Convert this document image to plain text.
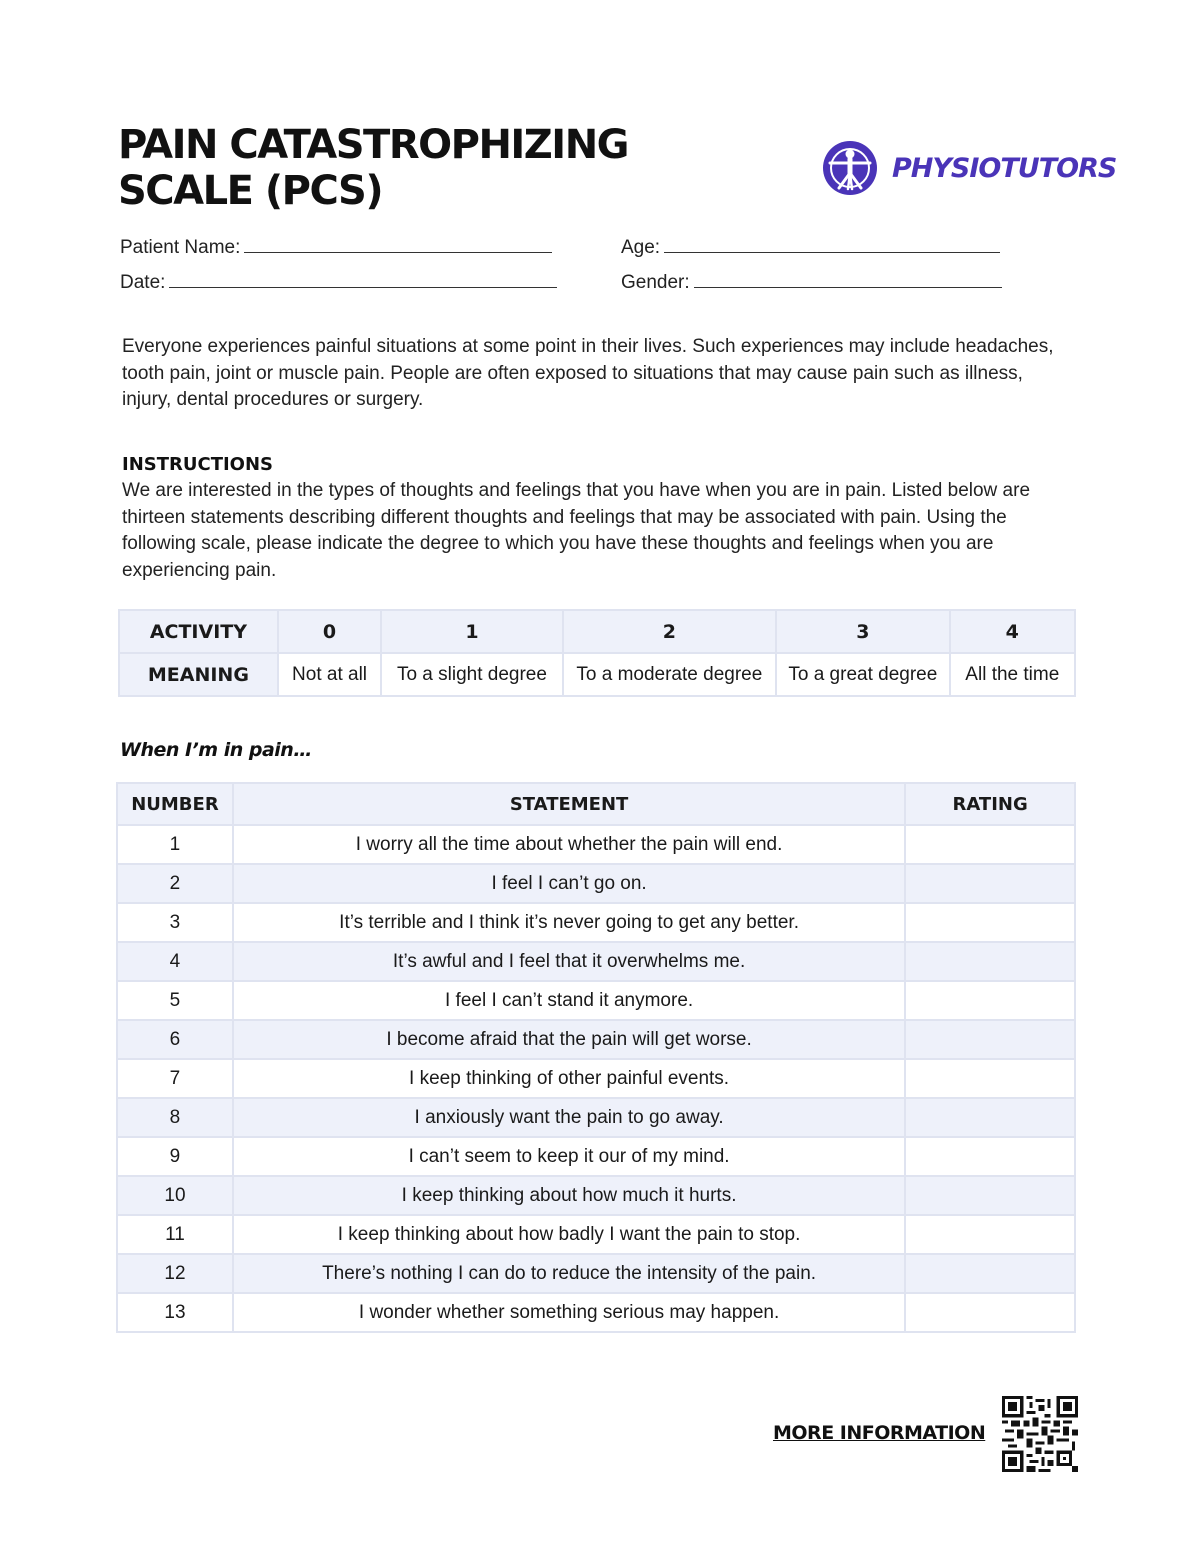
PAIN CATASTROPHIZING
SCALE (PCS)	PHYSIOTUTORS
Patient Name:	Age:
Date:	Gender:

Everyone experiences painful situations at some point in their lives. Such experiences may include headaches, tooth pain, joint or muscle pain. People are often exposed to situations that may cause pain such as illness, injury, dental procedures or surgery.

INSTRUCTIONS

We are interested in the types of thoughts and feelings that you have when you are in pain. Listed below are thirteen statements describing different thoughts and feelings that may be associated with pain. Using the following scale, please indicate the degree to which you have these thoughts and feelings when you are experiencing pain.

ACTIVITY	0	1	2	3	4
MEANING	Not at all	To a slight degree	To a moderate degree	To a great degree	All the time
When I’m in pain…
NUMBER	STATEMENT	RATING
1	I worry all the time about whether the pain will end.	
2	I feel I can’t go on.	
3	It’s terrible and I think it’s never going to get any better.	
4	It’s awful and I feel that it overwhelms me.	
5	I feel I can’t stand it anymore.	
6	I become afraid that the pain will get worse.	
7	I keep thinking of other painful events.	
8	I anxiously want the pain to go away.	
9	I can’t seem to keep it our of my mind.	
10	I keep thinking about how much it hurts.	
11	I keep thinking about how badly I want the pain to stop.	
12	There’s nothing I can do to reduce the intensity of the pain.	
13	I wonder whether something serious may happen.	
MORE INFORMATION
